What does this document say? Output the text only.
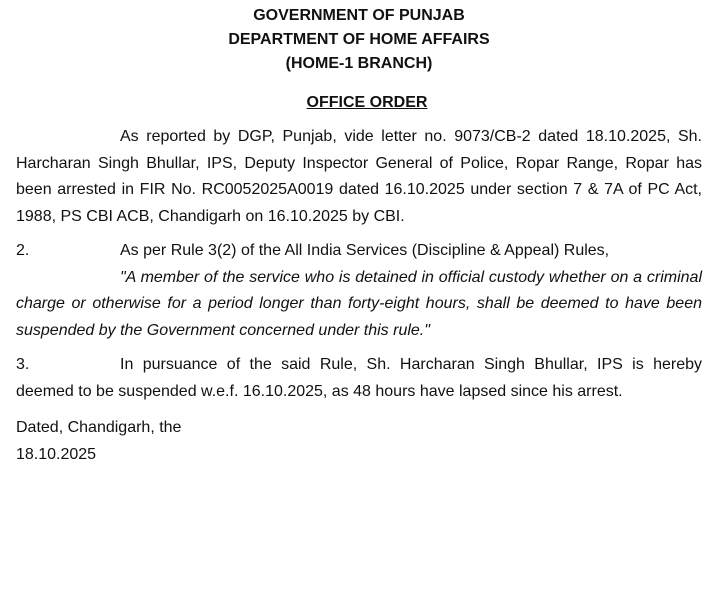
GOVERNMENT OF PUNJAB
DEPARTMENT OF HOME AFFAIRS
(HOME-1 BRANCH)
OFFICE ORDER
As reported by DGP, Punjab, vide letter no. 9073/CB-2 dated 18.10.2025, Sh. Harcharan Singh Bhullar, IPS, Deputy Inspector General of Police, Ropar Range, Ropar has been arrested in FIR No. RC0052025A0019 dated 16.10.2025 under section 7 & 7A of PC Act, 1988, PS CBI ACB, Chandigarh on 16.10.2025 by CBI.
2.	As per Rule 3(2) of the All India Services (Discipline & Appeal) Rules,
"A member of the service who is detained in official custody whether on a criminal charge or otherwise for a period longer than forty-eight hours, shall be deemed to have been suspended by the Government concerned under this rule."
3.	In pursuance of the said Rule, Sh. Harcharan Singh Bhullar, IPS is hereby deemed to be suspended w.e.f. 16.10.2025, as 48 hours have lapsed since his arrest.
Dated, Chandigarh, the
18.10.2025
